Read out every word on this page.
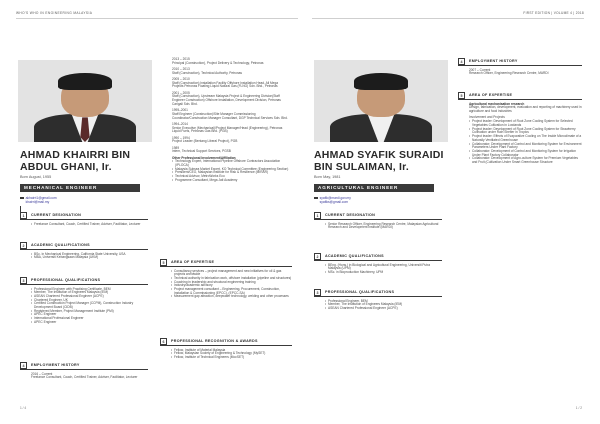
WHO'S WHO IN ENGINEERING MALAYSIA	FIRST EDITION | VOLUME 4 | 2018
AHMAD KHAIRRI BIN ABDUL GHANI, Ir.
Born August, 1955
MECHANICAL ENGINEER
akhairri1@gmail.com
khairri@mail.my
1	CURRENT DESIGNATION
• Freelance Consultant, Coach, Certified Trainer, Adviser, Facilitator, Lecturer
2	ACADEMIC QUALIFICATIONS
• BSc. in Mechanical Engineering, California State University, USA
• MBA, Universiti Kebangsaan Malaysia (UKM)
3	PROFESSIONAL QUALIFICATIONS
• Professional Engineer with Practising Certificate, BEM
• Member, The Institution of Engineers Malaysia (IEM)
• ASEAN Chartered Professional Engineer (ACPE)
• Chartered Engineer, UK
• Certified Construction Project Manager (CCPM), Construction Industry Development Board (CIDB)
• Registered Member, Project Management Institute (PMI)
• APEC Engineer
• International Professional Engineer
• APEC Engineer
4	EMPLOYMENT HISTORY

2016 – Current

Freelance Consultant, Coach, Certified Trainer, Adviser, Facilitator, Lecturer

1 / 4
2013 – 2015
Principal (Construction), Project Delivery & Technology, Petronas
2010 – 2013
Staff (Construction), Technical Authority, Petronas
2005 – 2010
Staff (Construction) Installation Facility Offshore Installation Head, All Mega Projects Petronas Floating Liquid Natural Gas (FLNG) Sdn. Bhd., Petronas
2001 – 2005
Staff (Construction), Upstream Malaysia Project & Engineering Division(Staff Engineer Construction) Offshore Installation, Development Division, Petronas Carigali Sdn. Bhd.
1995–2001
Staff Engineer (Construction)/Site Manager Commissioning Coordinator/Construction Manager Consultant, DGP Technical Services Sdn. Bhd.
1994–2014
Senior Executive (Mechanical)/Project Manager/Head (Engineering), Petronas Liquid Fuels, Petronas Gas Bhd. (PGB)
1990 – 1994
Project Leader (Bentang Liberal Project), PGB
1989
Intern, Technical Support Services, PGSB
Other Professional Involvement/Affiliation
• Technology Expert, International Pipeline Offshore Contractors Association (IPLOCA)
• Malaysia Subsea Market Expert, KO Technical Committee (Engineering Section)
• President/CEO, Malaysian Institute for Risk & Resilience (MIRAR)
• Technical Advisor, MetroWorks Eco
• Programme Consultant, Mega Jati Academy
5	AREA OF EXPERTISE
• Consultancy services – project management and new initiatives for oil & gas projects worldwide
• Technical authority in fabrication work, offshore installation (pipeline and structures)
• Coaching in leadership and structural engineering training
• Industry/academic advisory
• Project management consultant – Engineering, Procurement, Construction, Installation & Commissioning (EPCC), (EPCC-SA)
• Measurement gap attraction, deepwater technology, welding and other processes
6	PROFESSIONAL RECOGNITION & AWARDS
• Fellow, Institute of Material Malaysia
• Fellow, Malaysian Society of Engineering & Technology (MySET)
• Fellow, Institute of Technical Engineers (MocSET)
AHMAD SYAFIK SURAIDI BIN SULAIMAN, Ir.
Born May, 1981
AGRICULTURAL ENGINEER
syafik@mardi.gov.my
syafiks@gmail.com
1	CURRENT DESIGNATION
• Senior Research Officer, Engineering Research Centre, Malaysian Agricultural Research and Development Institute (MARDI)
2	ACADEMIC QUALIFICATIONS
• BEng. (Hons.) in Biological and Agricultural Engineering, Universiti Putra Malaysia (UPM)
• MSc. in Bioproduction Machinery, UPM
3	PROFESSIONAL QUALIFICATIONS
• Professional Engineer, BEM
• Member, The Institution of Engineers Malaysia (IEM)
• ASEAN Chartered Professional Engineer (ACPE)
1 / 2
4	EMPLOYMENT HISTORY

2007 – Current

Research Officer, Engineering Research Centre, MARDI

5	AREA OF EXPERTISE

Agricultural mechanisation research

Design, fabrication, development, evaluation and reporting of machinery used in agriculture and food industries

Involvement and Projects

• Project leader: Development of Root Zone Cooling System for Selected Vegetables Cultivation in Lowlands
• Project leader: Development of Root Zone Cooling System for Strawberry Cultivation under Rain Shelter in Tropics
• Project leader: Effects of Evaporative Cooling on The Inside Microclimate of a Naturally Ventilated Greenhouse
• Collaborator: Development of Control and Monitoring System for Environment Parameters Under Plant Factory
• Collaborator: Development of Control and Monitoring System for Irrigation Under Plant Factory Collaborator
• Collaborator: Development of Agro-culture System for Premium Vegetables and Fruit (Cultivation Under Smart Greenhouse Structure
